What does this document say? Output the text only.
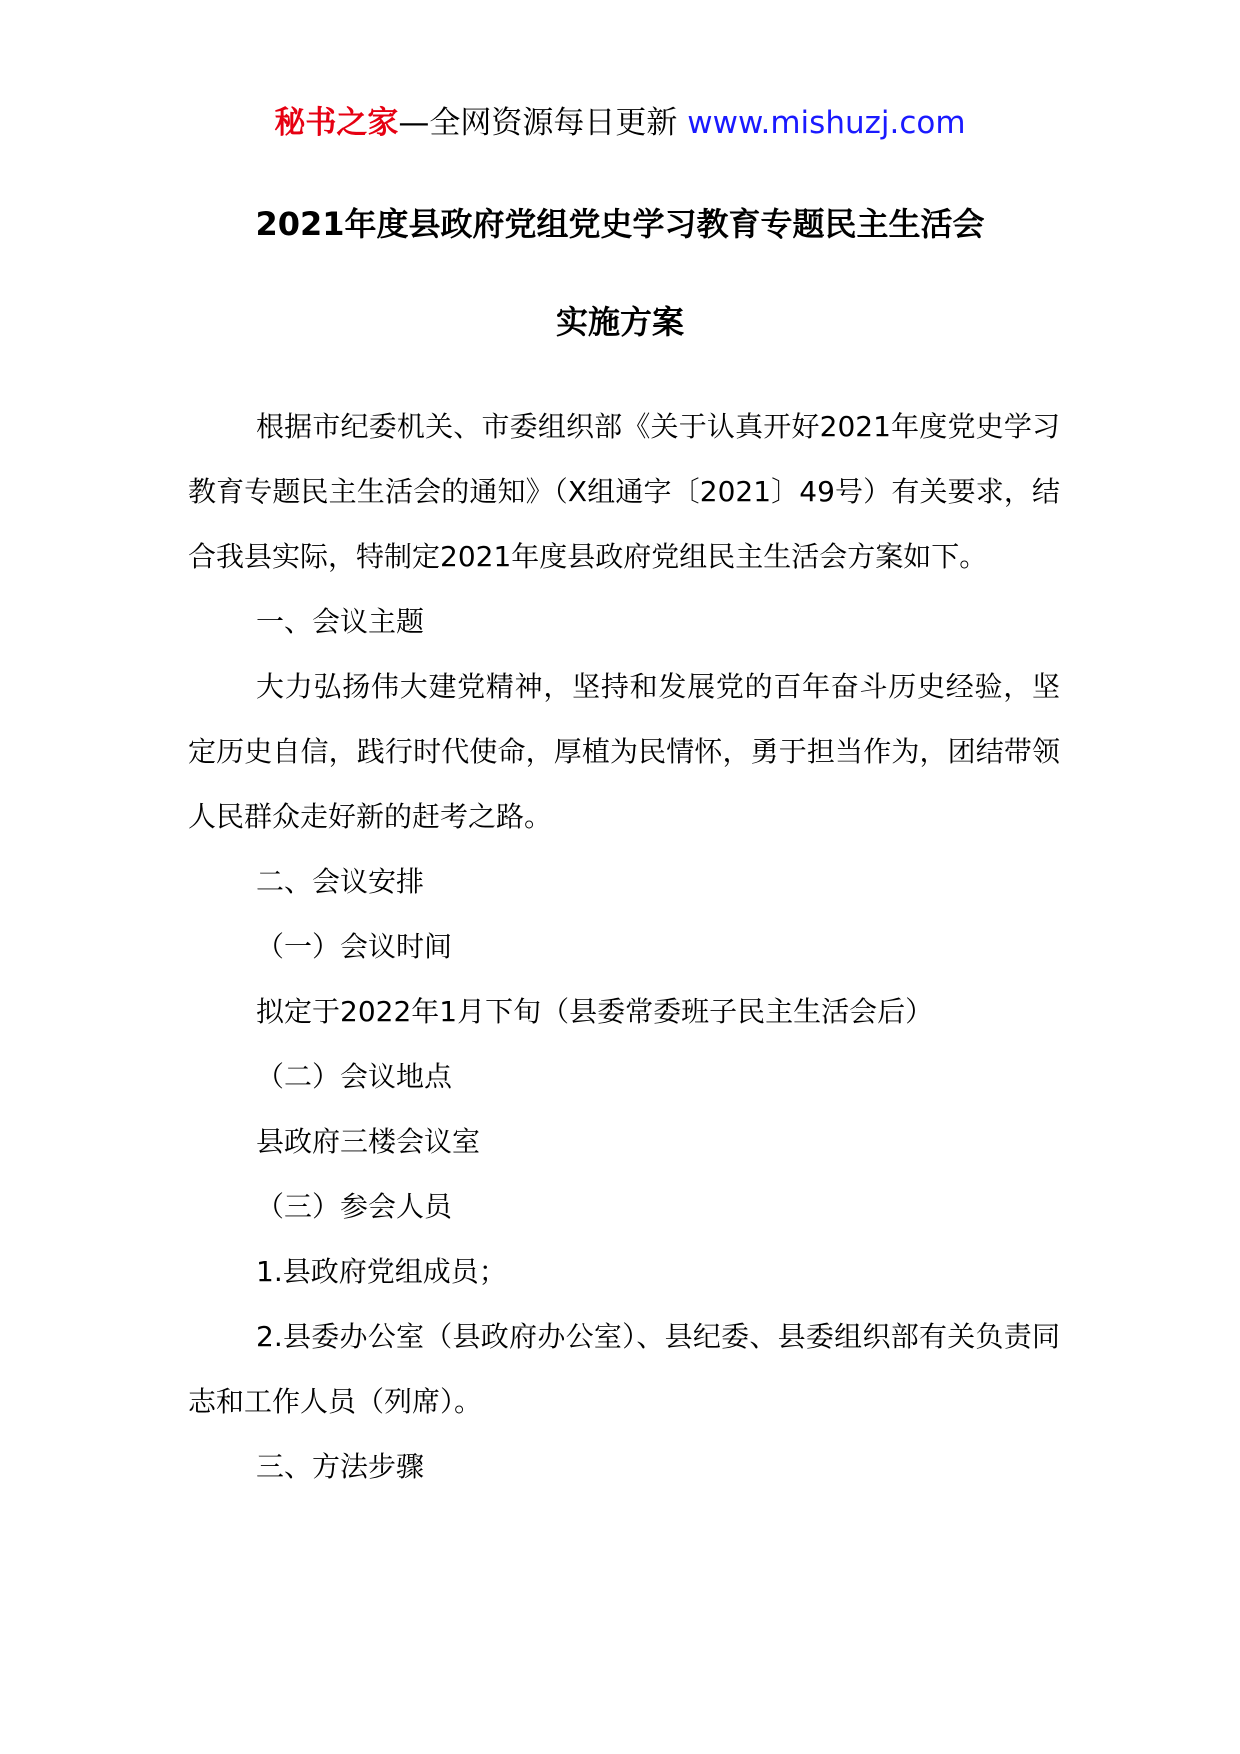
秘书之家—全网资源每日更新 www.mishuzj.com
2021年度县政府党组党史学习教育专题民主生活会
实施方案

根据市纪委机关、市委组织部《关于认真开好2021年度党史学习教育专题民主生活会的通知》（X组通字〔2021〕49号）有关要求，结合我县实际，特制定2021年度县政府党组民主生活会方案如下。

一、会议主题

大力弘扬伟大建党精神，坚持和发展党的百年奋斗历史经验，坚定历史自信，践行时代使命，厚植为民情怀，勇于担当作为，团结带领人民群众走好新的赶考之路。

二、会议安排

（一）会议时间

拟定于2022年1月下旬（县委常委班子民主生活会后）

（二）会议地点

县政府三楼会议室

（三）参会人员

1.县政府党组成员；

2.县委办公室（县政府办公室）、县纪委、县委组织部有关负责同志和工作人员（列席）。

三、方法步骤
